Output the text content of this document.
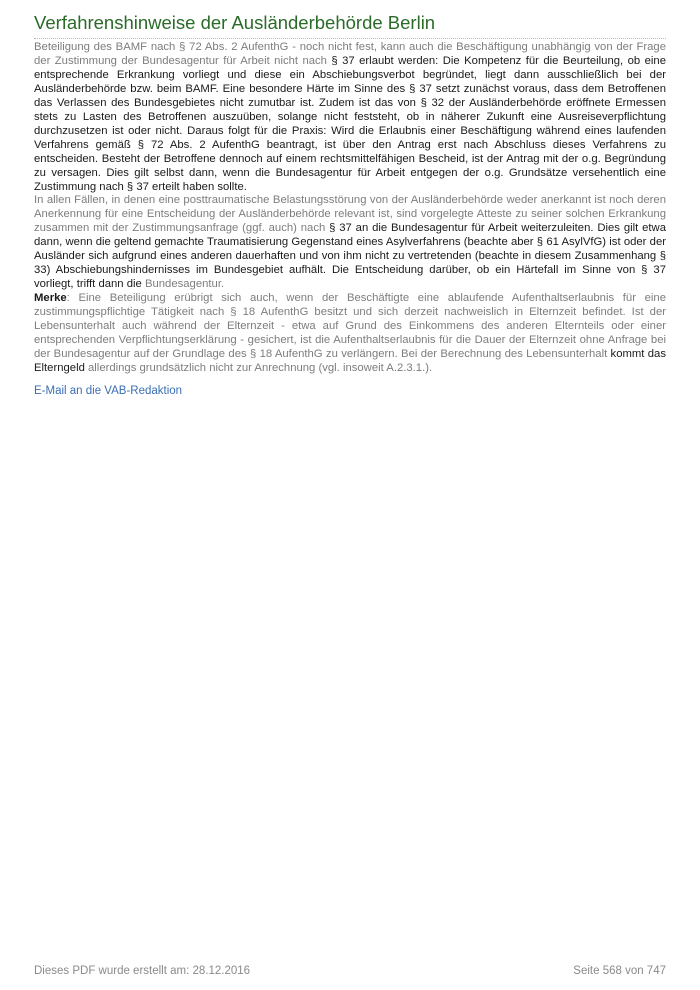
Verfahrenshinweise der Ausländerbehörde Berlin

Beteiligung des BAMF nach § 72 Abs. 2 AufenthG - noch nicht fest, kann auch die Beschäftigung unabhängig von der Frage der Zustimmung der Bundesagentur für Arbeit nicht nach § 37 erlaubt werden: Die Kompetenz für die Beurteilung, ob eine entsprechende Erkrankung vorliegt und diese ein Abschiebungsverbot begründet, liegt dann ausschließlich bei der Ausländerbehörde bzw. beim BAMF. Eine besondere Härte im Sinne des § 37 setzt zunächst voraus, dass dem Betroffenen das Verlassen des Bundesgebietes nicht zumutbar ist. Zudem ist das von § 32 der Ausländerbehörde eröffnete Ermessen stets zu Lasten des Betroffenen auszuüben, solange nicht feststeht, ob in näherer Zukunft eine Ausreiseverpflichtung durchzusetzen ist oder nicht. Daraus folgt für die Praxis: Wird die Erlaubnis einer Beschäftigung während eines laufenden Verfahrens gemäß § 72 Abs. 2 AufenthG beantragt, ist über den Antrag erst nach Abschluss dieses Verfahrens zu entscheiden. Besteht der Betroffene dennoch auf einem rechtsmittelfähigen Bescheid, ist der Antrag mit der o.g. Begründung zu versagen. Dies gilt selbst dann, wenn die Bundesagentur für Arbeit entgegen der o.g. Grundsätze versehentlich eine Zustimmung nach § 37 erteilt haben sollte.

In allen Fällen, in denen eine posttraumatische Belastungsstörung von der Ausländerbehörde weder anerkannt ist noch deren Anerkennung für eine Entscheidung der Ausländerbehörde relevant ist, sind vorgelegte Atteste zu seiner solchen Erkrankung zusammen mit der Zustimmungsanfrage (ggf. auch) nach § 37 an die Bundesagentur für Arbeit weiterzuleiten. Dies gilt etwa dann, wenn die geltend gemachte Traumatisierung Gegenstand eines Asylverfahrens (beachte aber § 61 AsylVfG) ist oder der Ausländer sich aufgrund eines anderen dauerhaften und von ihm nicht zu vertretenden (beachte in diesem Zusammenhang § 33) Abschiebungshindernisses im Bundesgebiet aufhält. Die Entscheidung darüber, ob ein Härtefall im Sinne von § 37 vorliegt, trifft dann die Bundesagentur.

Merke: Eine Beteiligung erübrigt sich auch, wenn der Beschäftigte eine ablaufende Aufenthaltserlaubnis für eine zustimmungspflichtige Tätigkeit nach § 18 AufenthG besitzt und sich derzeit nachweislich in Elternzeit befindet. Ist der Lebensunterhalt auch während der Elternzeit - etwa auf Grund des Einkommens des anderen Elternteils oder einer entsprechenden Verpflichtungserklärung - gesichert, ist die Aufenthaltserlaubnis für die Dauer der Elternzeit ohne Anfrage bei der Bundesagentur auf der Grundlage des § 18 AufenthG zu verlängern. Bei der Berechnung des Lebensunterhalt kommt das Elterngeld allerdings grundsätzlich nicht zur Anrechnung (vgl. insoweit A.2.3.1.).

E-Mail an die VAB-Redaktion
Dieses PDF wurde erstellt am: 28.12.2016	Seite 568 von 747
